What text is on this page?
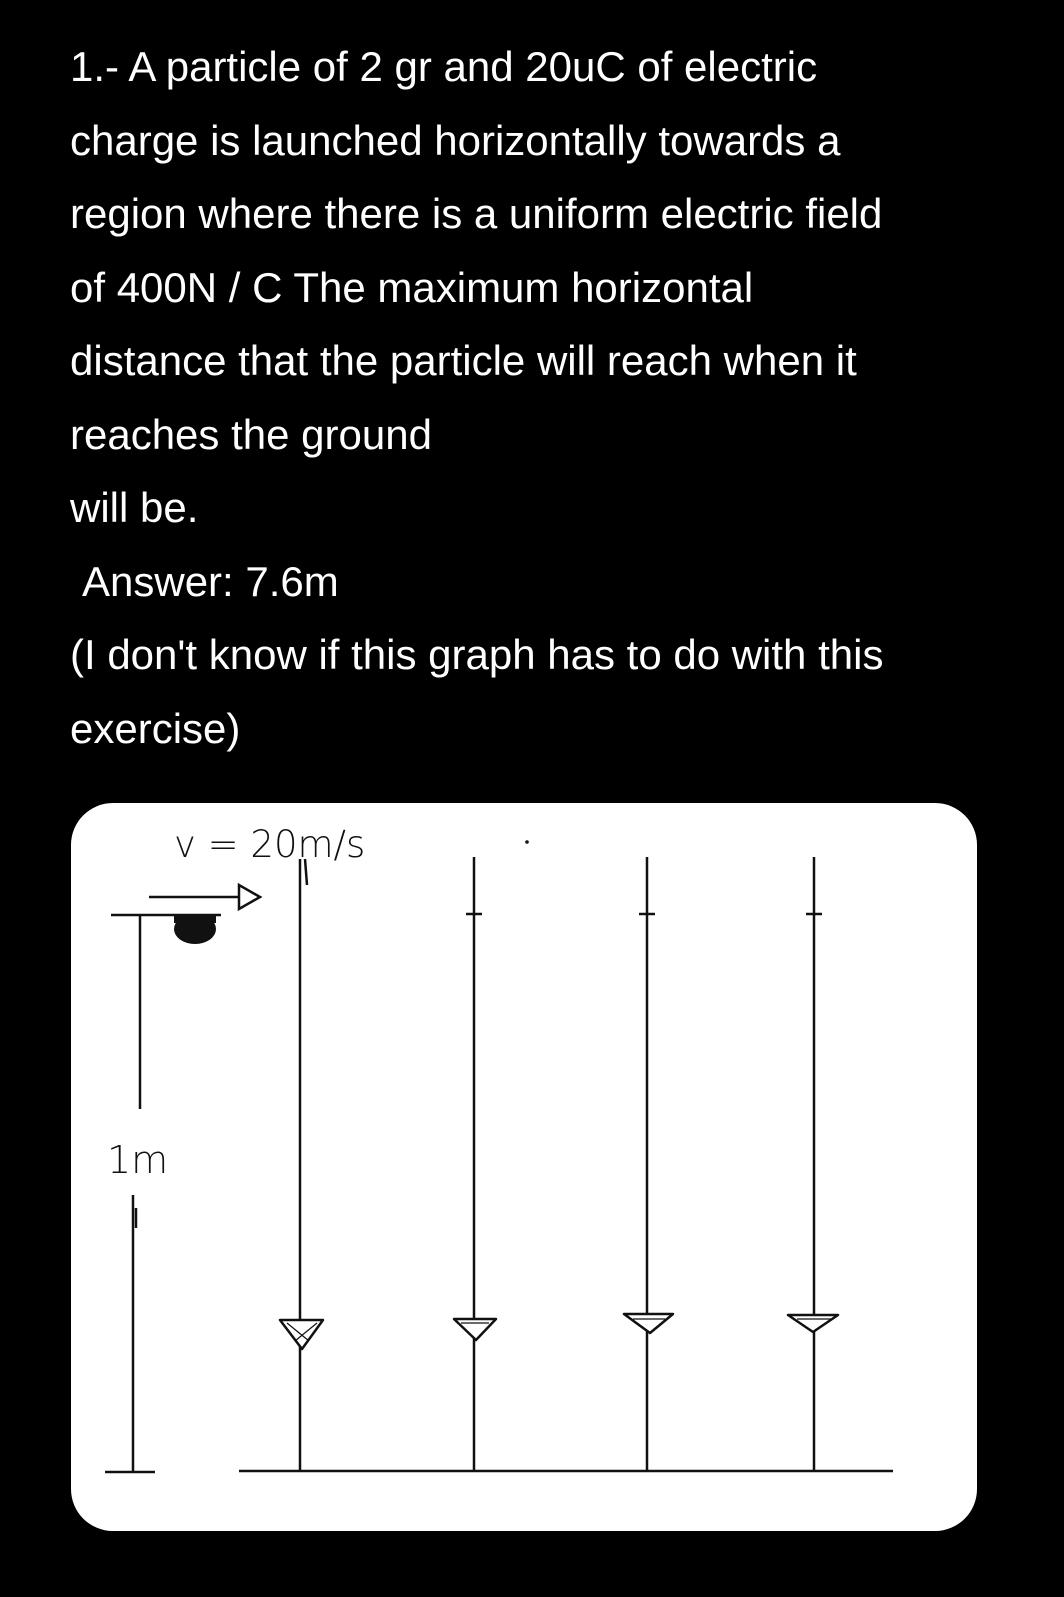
1.- A particle of 2 gr and 20uC of electric
charge is launched horizontally towards a
region where there is a uniform electric field
of 400N / C The maximum horizontal
distance that the particle will reach when it
reaches the ground
will be.
Answer: 7.6m
(I don't know if this graph has to do with this
exercise)
v = 20m/s
1m
